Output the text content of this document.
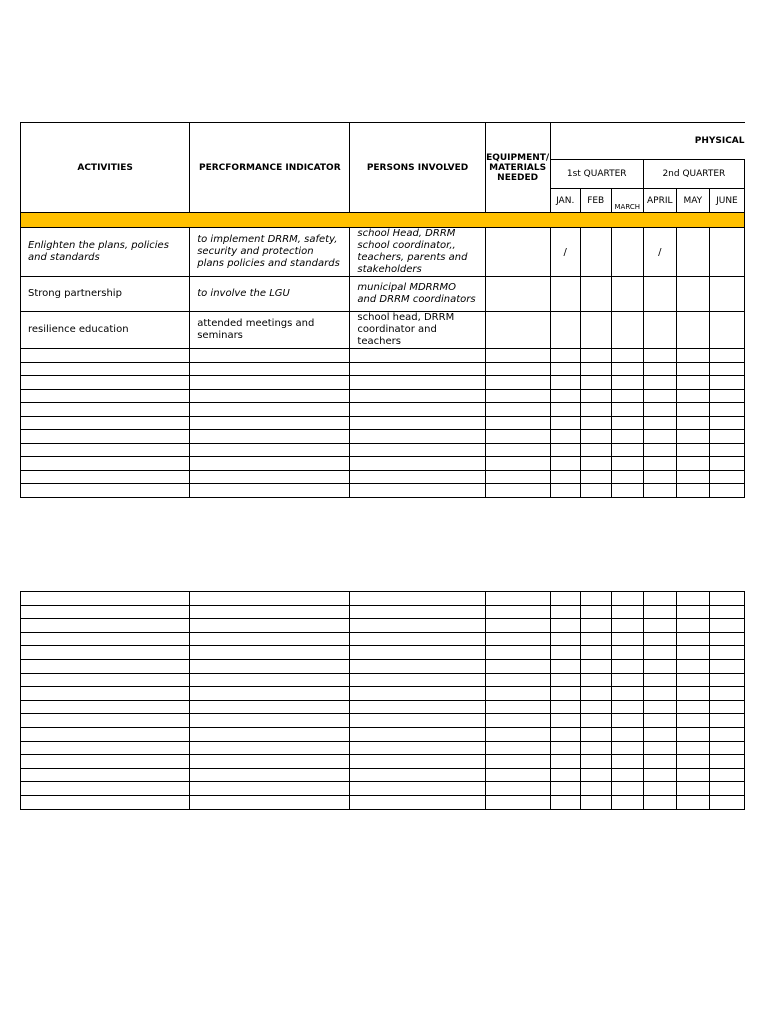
ACTIVITIES	PERCFORMANCE INDICATOR	PERSONS INVOLVED	EQUIPMENT/ MATERIALS NEEDED	PHYSICAL					
				1st QUARTER			2nd QUARTER		
				JAN.	FEB	MARCH	APRIL	MAY	JUNE

Enlighten the plans, policies and standards	to implement DRRM, safety, security and protection plans policies and standards	school Head, DRRM school coordinator,, teachers, parents and stakeholders		/			/		
Strong partnership	to involve the LGU	municipal MDRRMO and DRRM coordinators							
resilience education	attended meetings and seminars	school head, DRRM coordinator and teachers							
